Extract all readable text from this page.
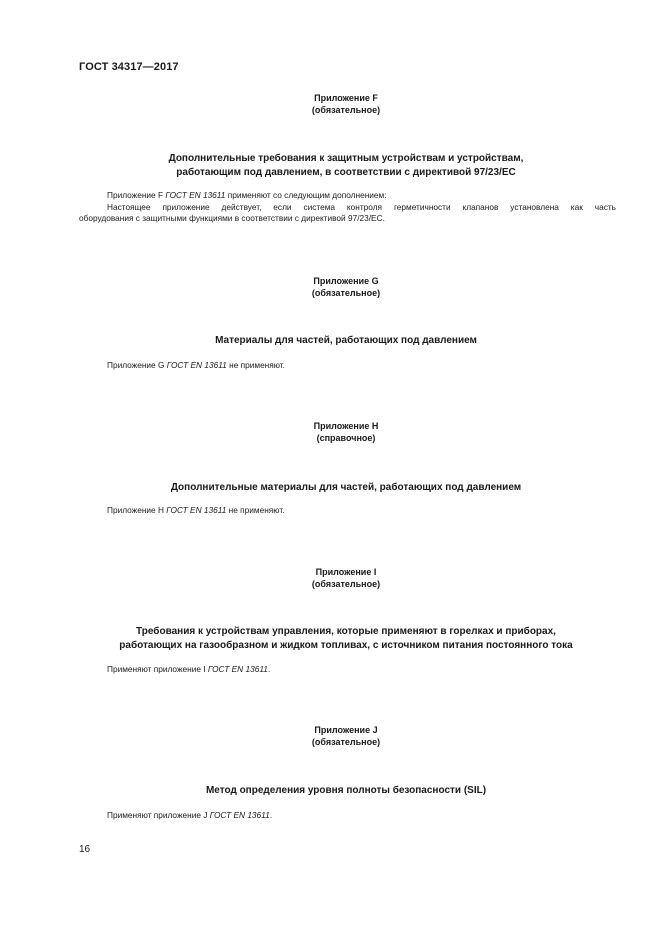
ГОСТ 34317—2017
Приложение F
(обязательное)
Дополнительные требования к защитным устройствам и устройствам,
работающим под давлением, в соответствии с директивой 97/23/EC
Приложение F ГОСТ EN 13611 применяют со следующим дополнением:
Настоящее приложение действует, если система контроля герметичности клапанов установлена как часть
оборудования с защитными функциями в соответствии с директивой 97/23/EC.
Приложение G
(обязательное)
Материалы для частей, работающих под давлением
Приложение G ГОСТ EN 13611 не применяют.
Приложение H
(справочное)
Дополнительные материалы для частей, работающих под давлением
Приложение H ГОСТ EN 13611 не применяют.
Приложение I
(обязательное)
Требования к устройствам управления, которые применяют в горелках и приборах,
работающих на газообразном и жидком топливах, с источником питания постоянного тока
Применяют приложение I ГОСТ EN 13611.
Приложение J
(обязательное)
Метод определения уровня полноты безопасности (SIL)
Применяют приложение J ГОСТ EN 13611.
16
